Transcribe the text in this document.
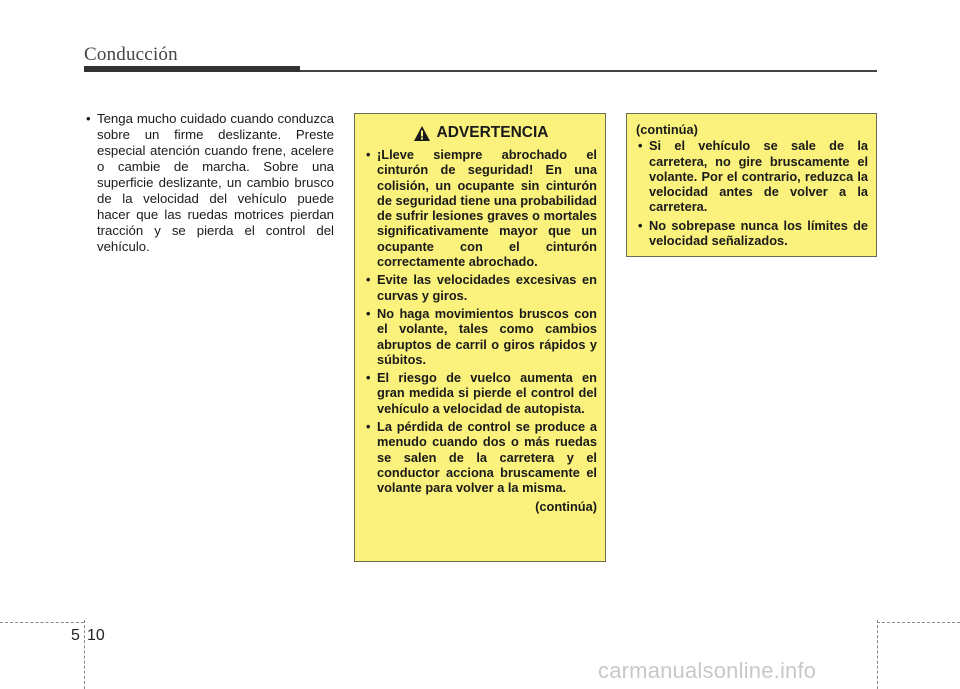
Conducción

• Tenga mucho cuidado cuando conduzca sobre un firme deslizante. Preste especial atención cuando frene, acelere o cambie de marcha. Sobre una superficie deslizante, un cambio brusco de la velocidad del vehículo puede hacer que las ruedas motrices pierdan tracción y se pierda el control del vehículo.

ADVERTENCIA

• ¡Lleve siempre abrochado el cinturón de seguridad! En una colisión, un ocupante sin cinturón de seguridad tiene una probabilidad de sufrir lesiones graves o mortales significativamente mayor que un ocupante con el cinturón correctamente abrochado.

• Evite las velocidades excesivas en curvas y giros.

• No haga movimientos bruscos con el volante, tales como cambios abruptos de carril o giros rápidos y súbitos.

• El riesgo de vuelco aumenta en gran medida si pierde el control del vehículo a velocidad de autopista.

• La pérdida de control se produce a menudo cuando dos o más ruedas se salen de la carretera y el conductor acciona bruscamente el volante para volver a la misma.

(continúa)
(continúa)

• Si el vehículo se sale de la carretera, no gire bruscamente el volante. Por el contrario, reduzca la velocidad antes de volver a la carretera.

• No sobrepase nunca los límites de velocidad señalizados.

5 10
carmanualsonline.info
